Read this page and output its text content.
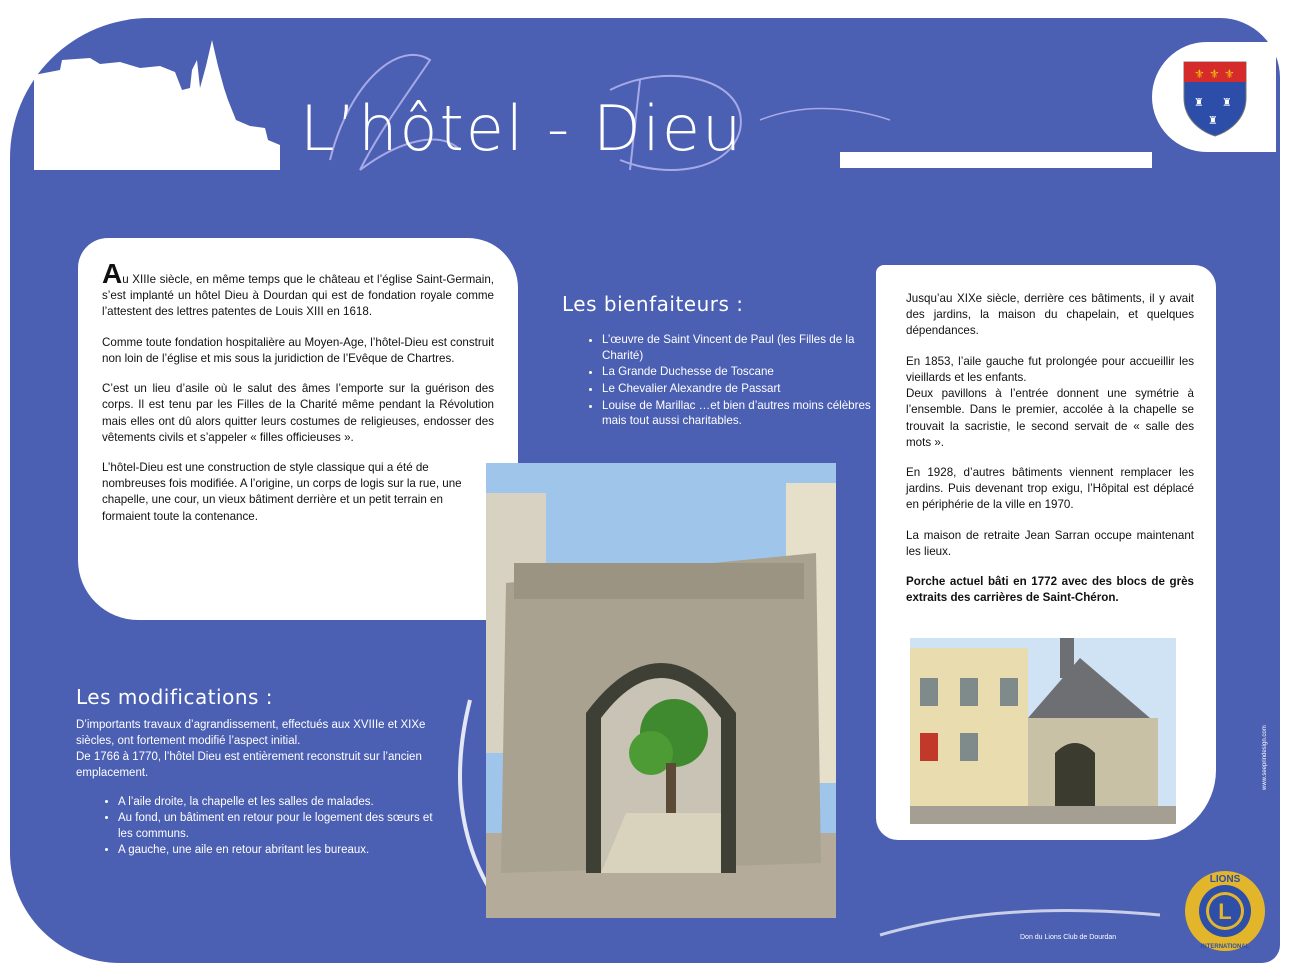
L’hôtel - Dieu
⚜ ⚜ ⚜
♜ ♜
♜

Au XIIIe siècle, en même temps que le château et l’église Saint-Germain, s’est implanté un hôtel Dieu à Dourdan qui est de fondation royale comme l’attestent des lettres patentes de Louis XIII en 1618.

Comme toute fondation hospitalière au Moyen-Age, l’hôtel-Dieu est construit non loin de l’église et mis sous la juridiction de l’Evêque de Chartres.

C’est un lieu d’asile où le salut des âmes l’emporte sur la guérison des corps. Il est tenu par les Filles de la Charité même pendant la Révolution mais elles ont dû alors quitter leurs costumes de religieuses, endosser des vêtements civils et s’appeler « filles officieuses ».

L’hôtel-Dieu est une construction de style classique qui a été de nombreuses fois modifiée. A l’origine, un corps de logis sur la rue, une chapelle, une cour, un vieux bâtiment derrière et un petit terrain en formaient toute la contenance.

Les bienfaiteurs :
• L’œuvre de Saint Vincent de Paul (les Filles de la Charité)
• La Grande Duchesse de Toscane
• Le Chevalier Alexandre de Passart
• Louise de Marillac …et bien d’autres moins célèbres mais tout aussi charitables.
Les modifications :

D’importants travaux d’agrandissement, effectués aux XVIIIe et XIXe siècles, ont fortement modifié l’aspect initial.
De 1766 à 1770, l’hôtel Dieu est entièrement reconstruit sur l’ancien emplacement.

• A l’aile droite, la chapelle et les salles de malades.
• Au fond, un bâtiment en retour pour le logement des sœurs et les communs.
• A gauche, une aile en retour abritant les bureaux.

Jusqu’au XIXe siècle, derrière ces bâtiments, il y avait des jardins, la maison du chapelain, et quelques dépendances.

En 1853, l’aile gauche fut prolongée pour accueillir les vieillards et les enfants.

Deux pavillons à l’entrée donnent une symétrie à l’ensemble. Dans le premier, accolée à la chapelle se trouvait la sacristie, le second servait de « salle des mots ».

En 1928, d’autres bâtiments viennent remplacer les jardins. Puis devenant trop exigu, l’Hôpital est déplacé en périphérie de la ville en 1970.

La maison de retraite Jean Sarran occupe maintenant les lieux.

Porche actuel bâti en 1772 avec des blocs de grès extraits des carrières de Saint-Chéron.

L
LIONS
INTERNATIONAL
Don du Lions Club de Dourdan
www.seeprindesign.com
